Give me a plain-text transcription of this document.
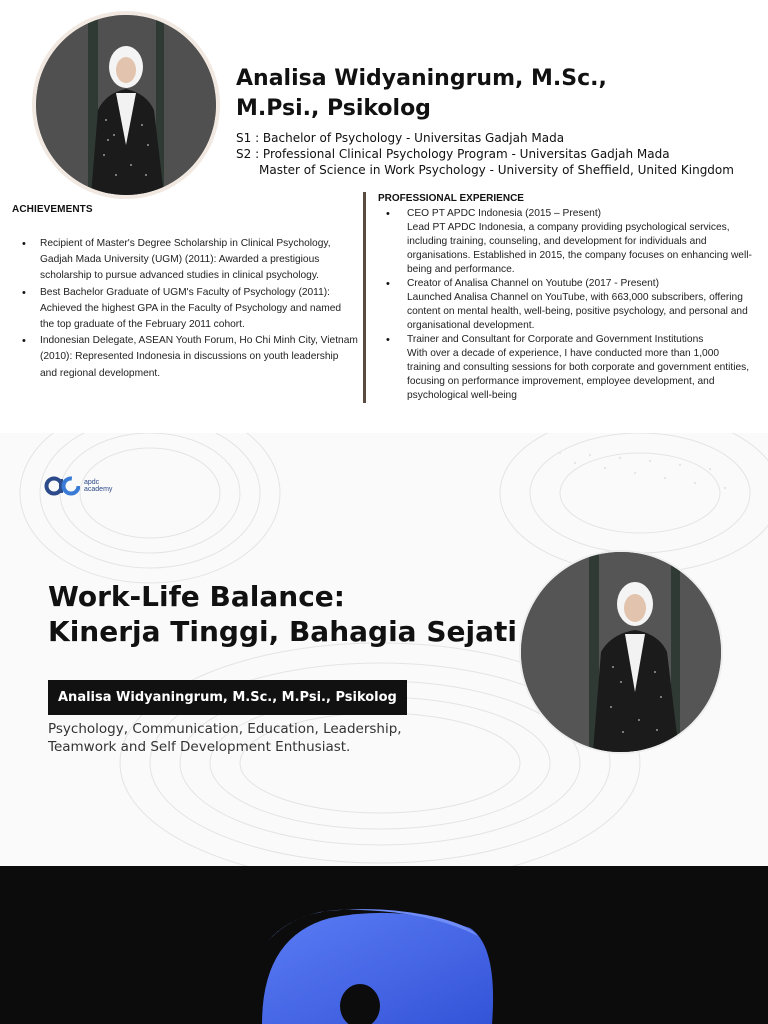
Analisa Widyaningrum, M.Sc., M.Psi., Psikolog
S1 : Bachelor of Psychology - Universitas Gadjah Mada
S2 : Professional Clinical Psychology Program - Universitas Gadjah Mada
Master of Science in Work Psychology - University of Sheffield, United Kingdom
ACHIEVEMENTS
• Recipient of Master's Degree Scholarship in Clinical Psychology, Gadjah Mada University (UGM) (2011): Awarded a prestigious scholarship to pursue advanced studies in clinical psychology.
• Best Bachelor Graduate of UGM's Faculty of Psychology (2011): Achieved the highest GPA in the Faculty of Psychology and named the top graduate of the February 2011 cohort.
• Indonesian Delegate, ASEAN Youth Forum, Ho Chi Minh City, Vietnam (2010): Represented Indonesia in discussions on youth leadership and regional development.
PROFESSIONAL EXPERIENCE
• CEO PT APDC Indonesia (2015 – Present)
Lead PT APDC Indonesia, a company providing psychological services, including training, counseling, and development for individuals and organisations. Established in 2015, the company focuses on enhancing well-being and performance.
• Creator of Analisa Channel on Youtube (2017 - Present)
Launched Analisa Channel on YouTube, with 663,000 subscribers, offering content on mental health, well-being, positive psychology, and personal and organisational development.
• Trainer and Consultant for Corporate and Government Institutions
With over a decade of experience, I have conducted more than 1,000 training and consulting sessions for both corporate and government entities, focusing on performance improvement, employee development, and psychological well-being
apdc
academy
Work-Life Balance:
Kinerja Tinggi, Bahagia Sejati
Analisa Widyaningrum, M.Sc., M.Psi., Psikolog

Psychology, Communication, Education, Leadership, Teamwork and Self Development Enthusiast.
